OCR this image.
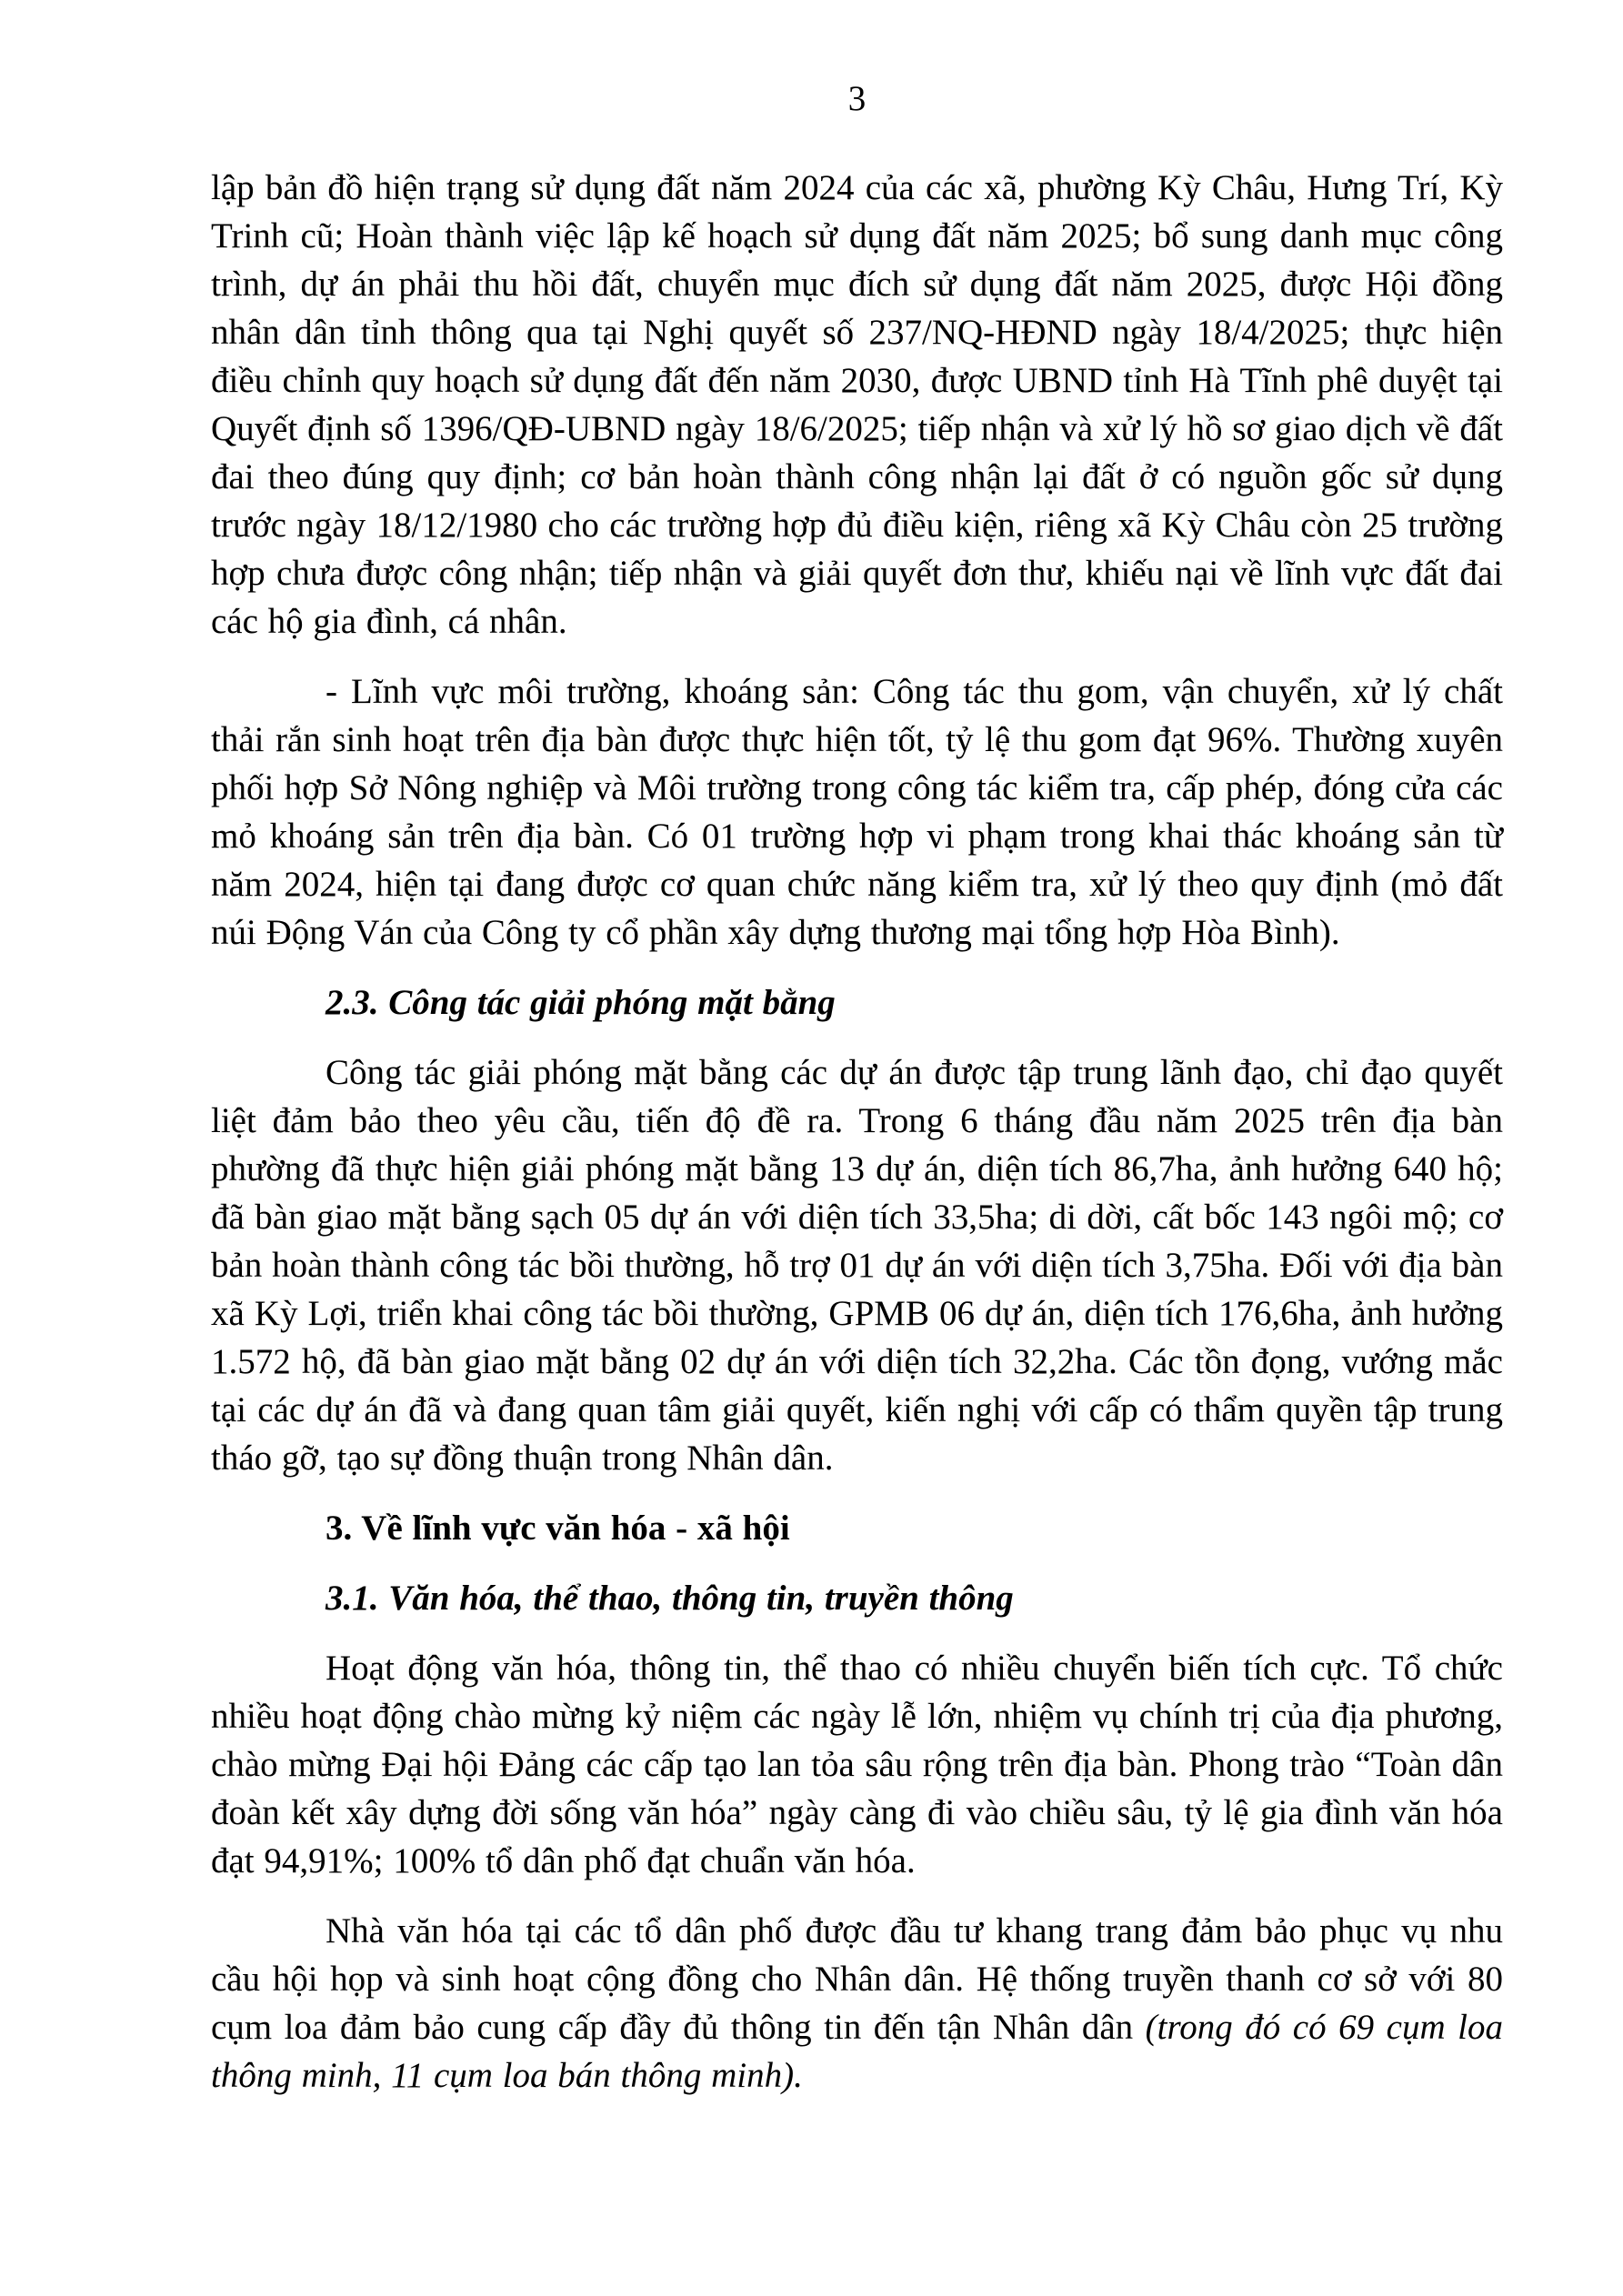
3

lập bản đồ hiện trạng sử dụng đất năm 2024 của các xã, phường Kỳ Châu, Hưng Trí, Kỳ Trinh cũ; Hoàn thành việc lập kế hoạch sử dụng đất năm 2025; bổ sung danh mục công trình, dự án phải thu hồi đất, chuyển mục đích sử dụng đất năm 2025, được Hội đồng nhân dân tỉnh thông qua tại Nghị quyết số 237/NQ-HĐND ngày 18/4/2025; thực hiện điều chỉnh quy hoạch sử dụng đất đến năm 2030, được UBND tỉnh Hà Tĩnh phê duyệt tại Quyết định số 1396/QĐ-UBND ngày 18/6/2025; tiếp nhận và xử lý hồ sơ giao dịch về đất đai theo đúng quy định; cơ bản hoàn thành công nhận lại đất ở có nguồn gốc sử dụng trước ngày 18/12/1980 cho các trường hợp đủ điều kiện, riêng xã Kỳ Châu còn 25 trường hợp chưa được công nhận; tiếp nhận và giải quyết đơn thư, khiếu nại về lĩnh vực đất đai các hộ gia đình, cá nhân.

- Lĩnh vực môi trường, khoáng sản: Công tác thu gom, vận chuyển, xử lý chất thải rắn sinh hoạt trên địa bàn được thực hiện tốt, tỷ lệ thu gom đạt 96%. Thường xuyên phối hợp Sở Nông nghiệp và Môi trường trong công tác kiểm tra, cấp phép, đóng cửa các mỏ khoáng sản trên địa bàn. Có 01 trường hợp vi phạm trong khai thác khoáng sản từ năm 2024, hiện tại đang được cơ quan chức năng kiểm tra, xử lý theo quy định (mỏ đất núi Động Ván của Công ty cổ phần xây dựng thương mại tổng hợp Hòa Bình).

2.3. Công tác giải phóng mặt bằng

Công tác giải phóng mặt bằng các dự án được tập trung lãnh đạo, chỉ đạo quyết liệt đảm bảo theo yêu cầu, tiến độ đề ra. Trong 6 tháng đầu năm 2025 trên địa bàn phường đã thực hiện giải phóng mặt bằng 13 dự án, diện tích 86,7ha, ảnh hưởng 640 hộ; đã bàn giao mặt bằng sạch 05 dự án với diện tích 33,5ha; di dời, cất bốc 143 ngôi mộ; cơ bản hoàn thành công tác bồi thường, hỗ trợ 01 dự án với diện tích 3,75ha. Đối với địa bàn xã Kỳ Lợi, triển khai công tác bồi thường, GPMB 06 dự án, diện tích 176,6ha, ảnh hưởng 1.572 hộ, đã bàn giao mặt bằng 02 dự án với diện tích 32,2ha. Các tồn đọng, vướng mắc tại các dự án đã và đang quan tâm giải quyết, kiến nghị với cấp có thẩm quyền tập trung tháo gỡ, tạo sự đồng thuận trong Nhân dân.

3. Về lĩnh vực văn hóa - xã hội

3.1. Văn hóa, thể thao, thông tin, truyền thông

Hoạt động văn hóa, thông tin, thể thao có nhiều chuyển biến tích cực. Tổ chức nhiều hoạt động chào mừng kỷ niệm các ngày lễ lớn, nhiệm vụ chính trị của địa phương, chào mừng Đại hội Đảng các cấp tạo lan tỏa sâu rộng trên địa bàn. Phong trào “Toàn dân đoàn kết xây dựng đời sống văn hóa” ngày càng đi vào chiều sâu, tỷ lệ gia đình văn hóa đạt 94,91%; 100% tổ dân phố đạt chuẩn văn hóa.

Nhà văn hóa tại các tổ dân phố được đầu tư khang trang đảm bảo phục vụ nhu cầu hội họp và sinh hoạt cộng đồng cho Nhân dân. Hệ thống truyền thanh cơ sở với 80 cụm loa đảm bảo cung cấp đầy đủ thông tin đến tận Nhân dân (trong đó có 69 cụm loa thông minh, 11 cụm loa bán thông minh).
